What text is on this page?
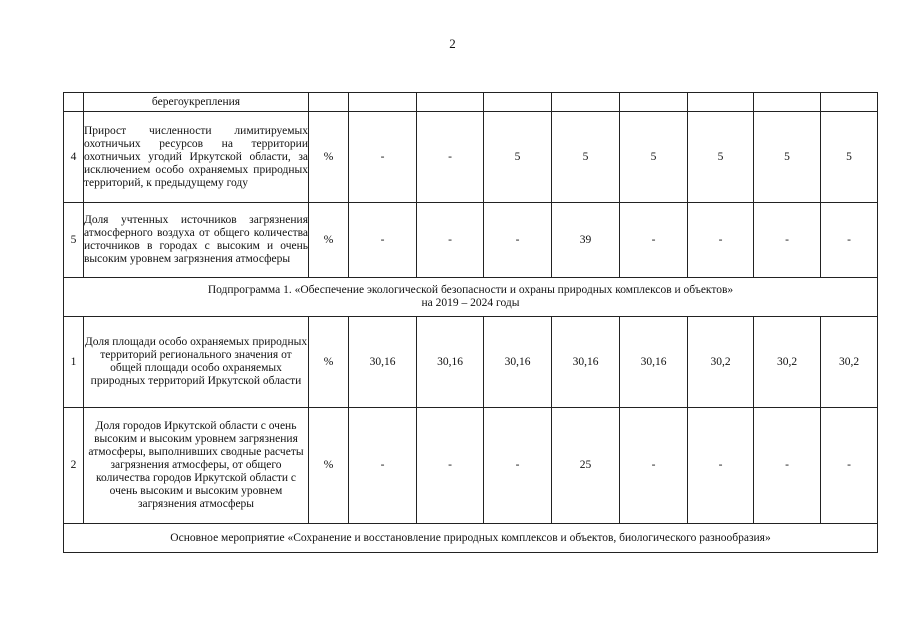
2
	берегоукрепления									
4	Прирост численности лимитируемых охотничьих ресурсов на территории охотничьих угодий Иркутской области, за исключением особо охраняемых природных территорий, к предыдущему году	%	-	-	5	5	5	5	5	5
5	Доля учтенных источников загрязнения атмосферного воздуха от общего количества источников в городах с высоким и очень высоким уровнем загрязнения атмосферы	%	-	-	-	39	-	-	-	-

Подпрограмма 1. «Обеспечение экологической безопасности и охраны природных комплексов и объектов»
на 2019 – 2024 годы										

1	Доля площади особо охраняемых природных территорий регионального значения от общей площади особо охраняемых природных территорий Иркутской области	%	30,16	30,16	30,16	30,16	30,16	30,2	30,2	30,2
2	Доля городов Иркутской области с очень высоким и высоким уровнем загрязнения атмосферы, выполнивших сводные расчеты загрязнения атмосферы, от общего количества городов Иркутской области с очень высоким и высоким уровнем загрязнения атмосферы	%	-	-	-	25	-	-	-	-
Основное мероприятие «Сохранение и восстановление природных комплексов и объектов, биологического разнообразия»										
